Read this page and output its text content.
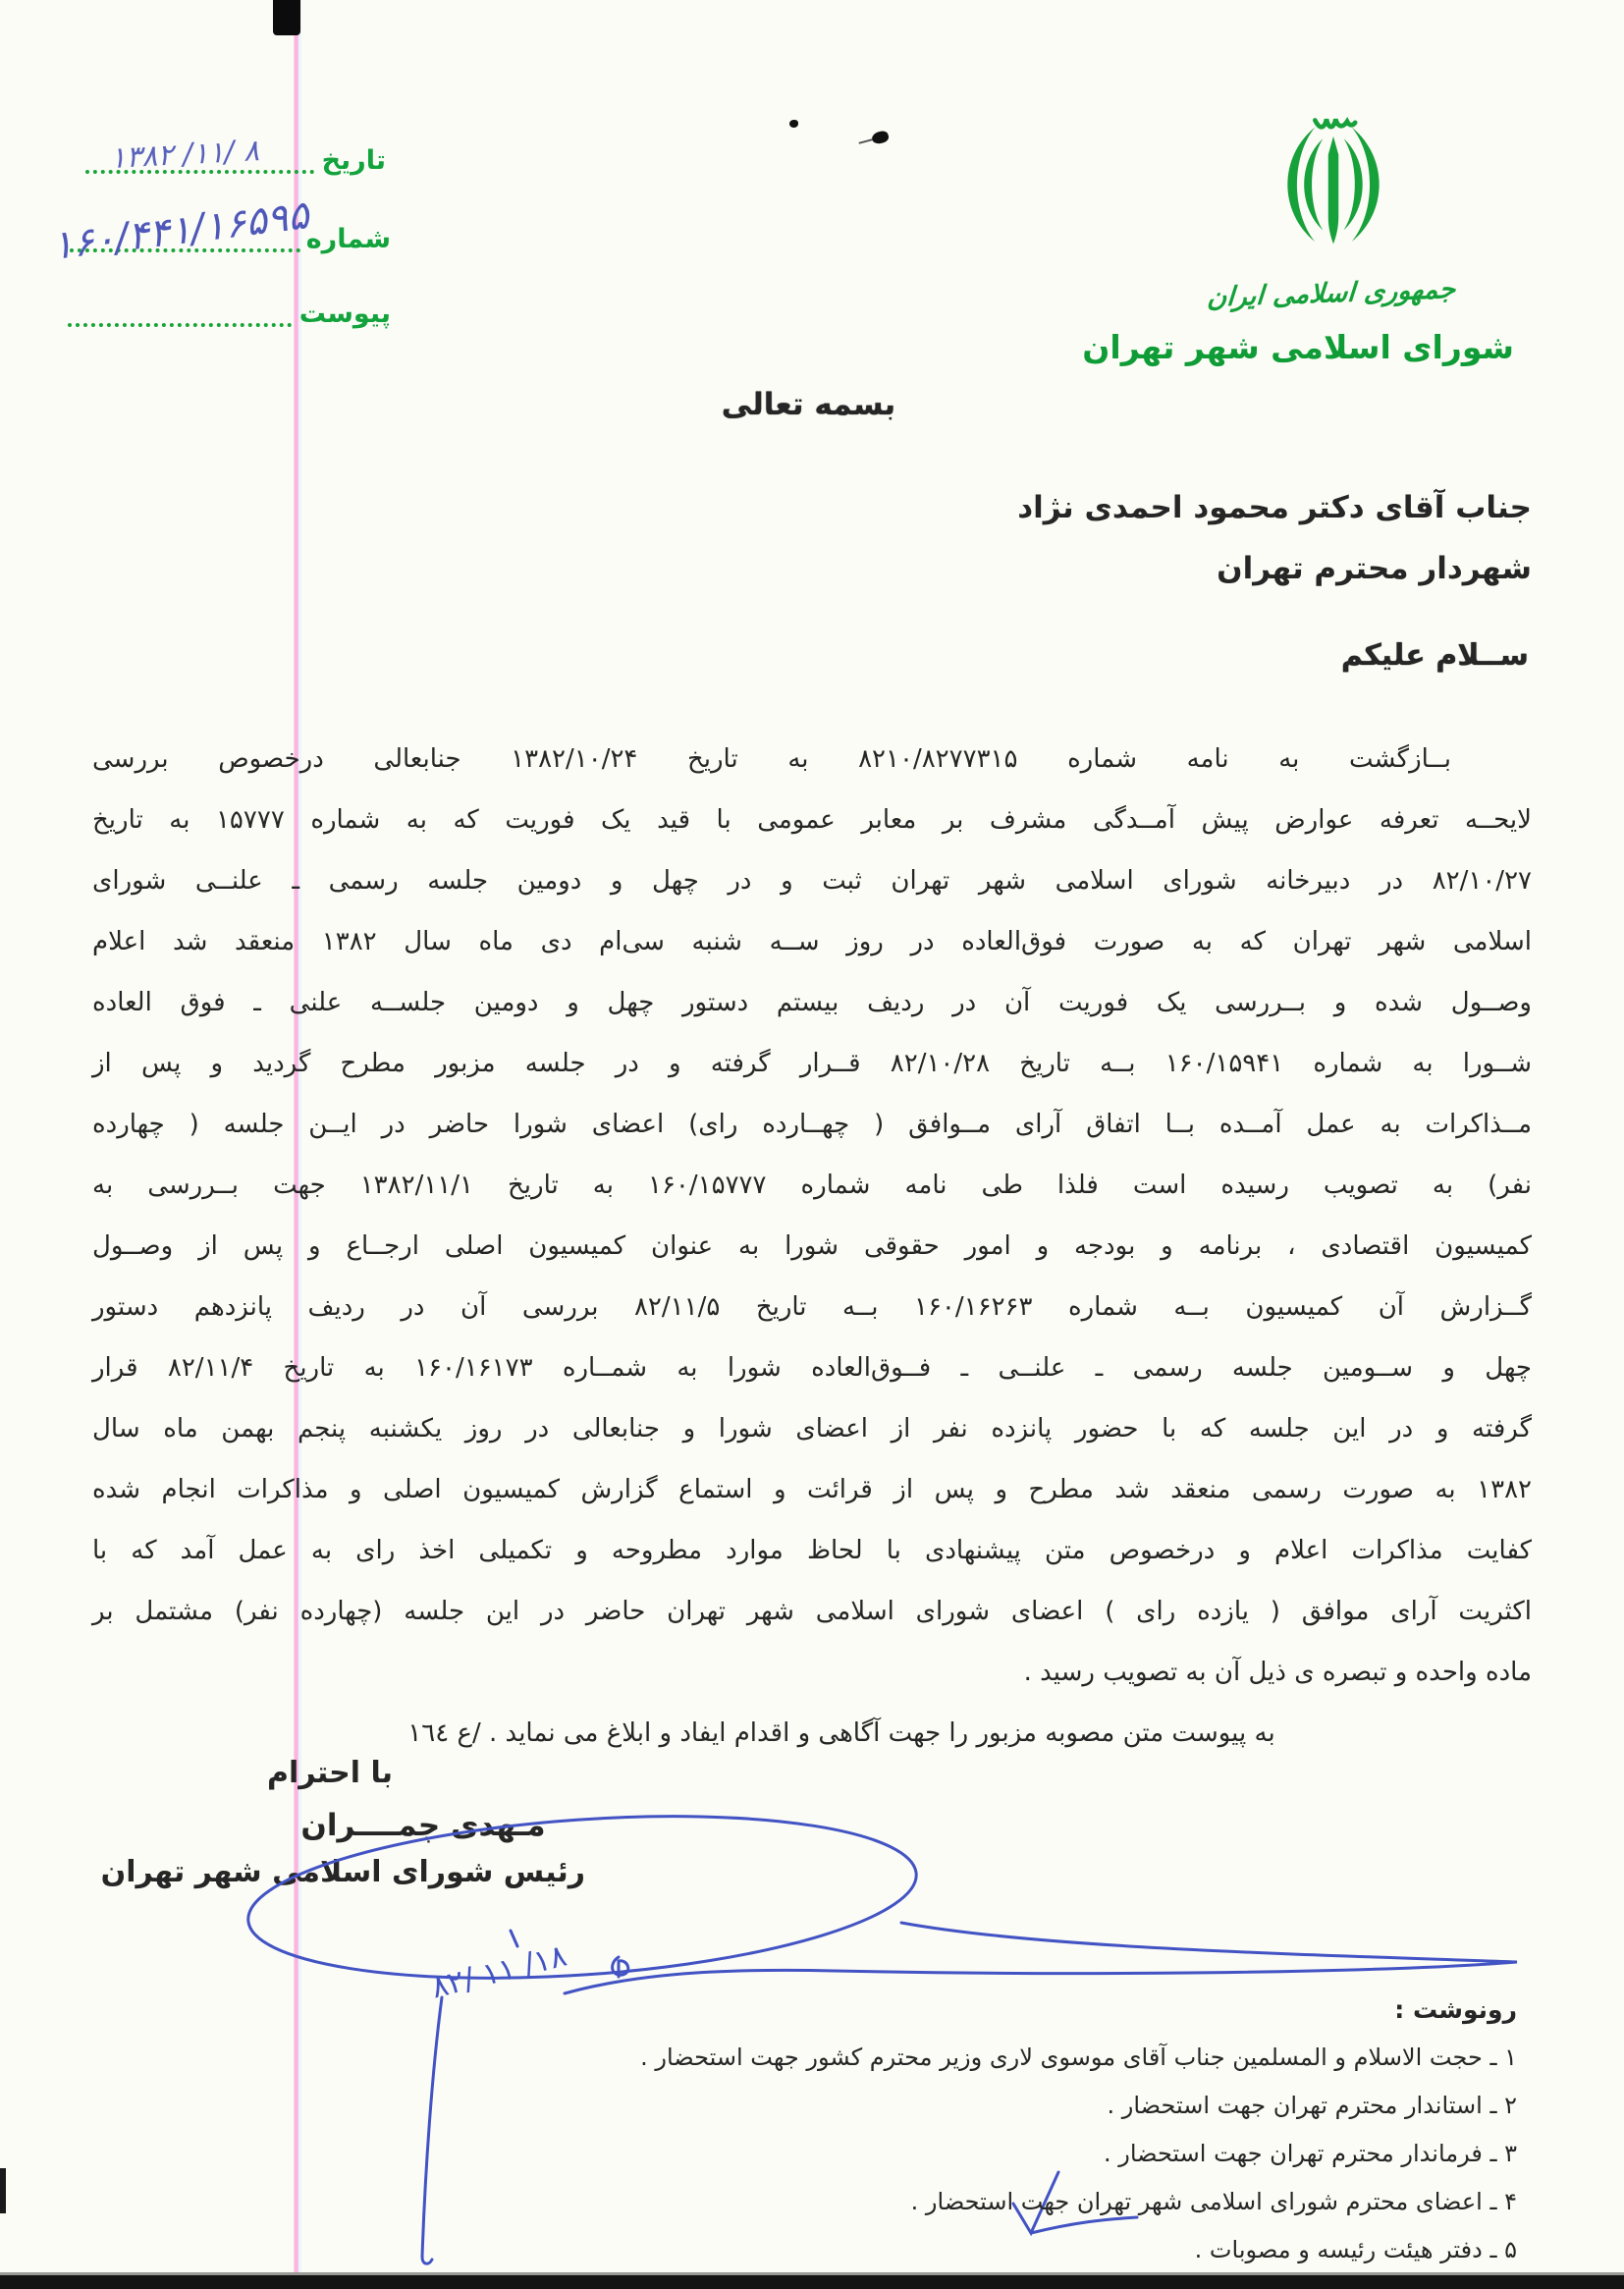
تاریخ
۱۳۸۲ /۱۱/ ۸
شماره
۱۶۰/۴۴۱/۱۶۵۹۵
پیوست
جمهوری اسلامی ایران
شورای اسلامی شهر تهران
بسمه تعالی
جناب آقای دکتر محمود احمدی نژاد
شهردار محترم تهران
ســلام علیکم
بــازگشت به نامه شماره ۸۲۱۰/۸۲۷۷۳۱۵ به تاریخ ۱۳۸۲/۱۰/۲۴ جنابعالی درخصوص بررسی
لایحــه تعرفه عوارض پیش آمــدگی مشرف بر معابر عمومی با قید یک فوریت که به شماره ۱۵۷۷۷ به تاریخ
۸۲/۱۰/۲۷ در دبیرخانه شورای اسلامی شهر تهران ثبت و در چهل و دومین جلسه رسمی ـ علنــی شورای
اسلامی شهر تهران که به صورت فوق‌العاده در روز ســه شنبه سی‌ام دی ماه سال ۱۳۸۲ منعقد شد اعلام
وصــول شده و بــررسی یک فوریت آن در ردیف بیستم دستور چهل و دومین جلســه علنی ـ فوق العاده
شــورا به شماره ۱۶۰/۱۵۹۴۱ بــه تاریخ ۸۲/۱۰/۲۸ قــرار گرفته و در جلسه مزبور مطرح گردید و پس از
مــذاکرات به عمل آمــده بــا اتفاق آرای مــوافق ( چهــارده رای) اعضای شورا حاضر در ایــن جلسه ( چهارده
نفر) به تصویب رسیده است فلذا طی نامه شماره ۱۶۰/۱۵۷۷۷ به تاریخ ۱۳۸۲/۱۱/۱ جهت بــررسی به
کمیسیون اقتصادی ، برنامه و بودجه و امور حقوقی شورا به عنوان کمیسیون اصلی ارجــاع و پس از وصــول
گــزارش آن کمیسیون بــه شماره ۱۶۰/۱۶۲۶۳ بــه تاریخ ۸۲/۱۱/۵ بررسی آن در ردیف پانزدهم دستور
چهل و ســومین جلسه رسمی ـ علنــی ـ فــوق‌العاده شورا به شمــاره ۱۶۰/۱۶۱۷۳ به تاریخ ۸۲/۱۱/۴ قرار
گرفته و در این جلسه که با حضور پانزده نفر از اعضای شورا و جنابعالی در روز یکشنبه پنجم بهمن ماه سال
۱۳۸۲ به صورت رسمی منعقد شد مطرح و پس از قرائت و استماع گزارش کمیسیون اصلی و مذاکرات انجام شده
کفایت مذاکرات اعلام و درخصوص متن پیشنهادی با لحاظ موارد مطروحه و تکمیلی اخذ رای به عمل آمد که با
اکثریت آرای موافق ( یازده رای ) اعضای شورای اسلامی شهر تهران حاضر در این جلسه (چهارده نفر) مشتمل بر
ماده واحده و تبصره ی ذیل آن به تصویب رسید .
به پیوست متن مصوبه مزبور را جهت آگاهی و اقدام ایفاد و ابلاغ می نماید . /ع ١٦٤
با احترام
مـهدی چمــــران
رئیس شورای اسلامی شهر تهران
۸۲/ ۱۱ /۱۸
رونوشت :
۱ ـ حجت الاسلام و المسلمین جناب آقای موسوی لاری وزیر محترم کشور جهت استحضار .
۲ ـ استاندار محترم تهران جهت استحضار .
۳ ـ فرماندار محترم تهران جهت استحضار .
۴ ـ اعضای محترم شورای اسلامی شهر تهران جهت استحضار .
۵ ـ دفتر هیئت رئیسه و مصوبات .
